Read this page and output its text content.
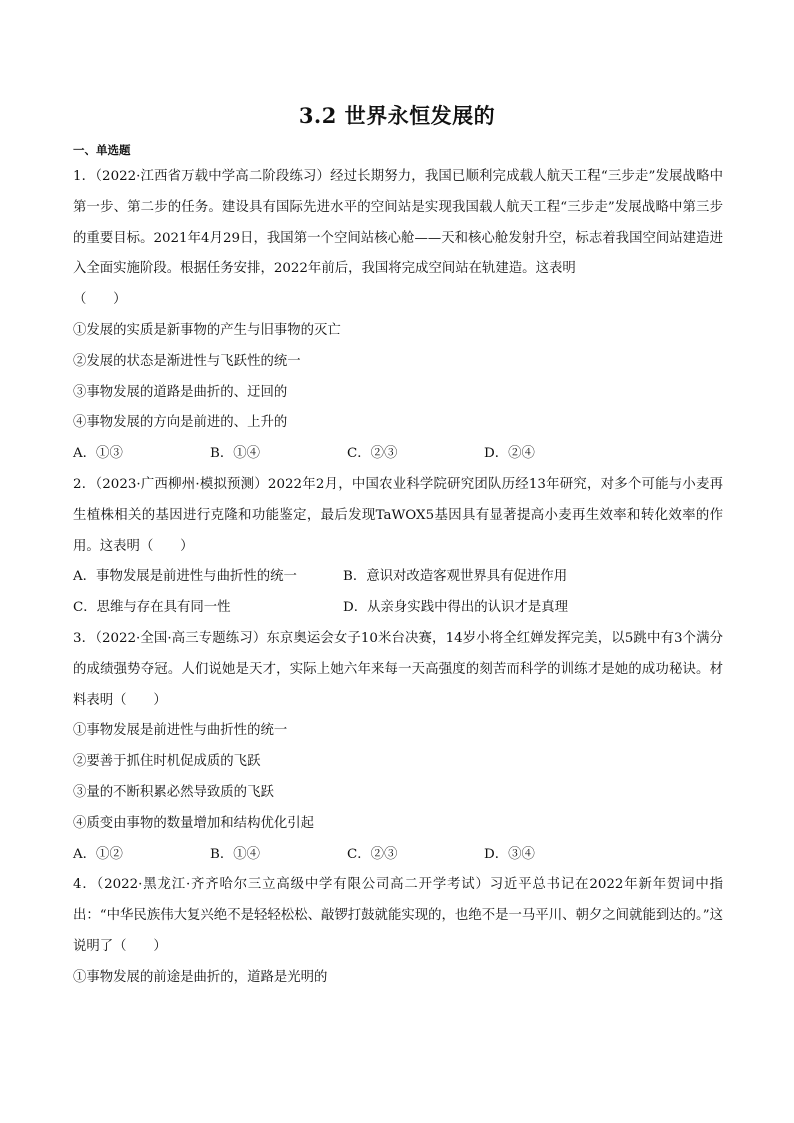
3.2 世界永恒发展的
一、单选题

1．（2022·江西省万载中学高二阶段练习）经过长期努力，我国已顺利完成载人航天工程“三步走”发展战略中第一步、第二步的任务。建设具有国际先进水平的空间站是实现我国载人航天工程“三步走”发展战略中第三步的重要目标。2021年4月29日，我国第一个空间站核心舱——天和核心舱发射升空，标志着我国空间站建造进入全面实施阶段。根据任务安排，2022年前后，我国将完成空间站在轨建造。这表明

（　　）

①发展的实质是新事物的产生与旧事物的灭亡

②发展的状态是渐进性与飞跃性的统一

③事物发展的道路是曲折的、迂回的

④事物发展的方向是前进的、上升的

A．①③	B．①④	C．②③	D．②④

2．（2023·广西柳州·模拟预测）2022年2月，中国农业科学院研究团队历经13年研究，对多个可能与小麦再生植株相关的基因进行克隆和功能鉴定，最后发现TaWOX5基因具有显著提高小麦再生效率和转化效率的作用。这表明（　　）

A．事物发展是前进性与曲折性的统一	B．意识对改造客观世界具有促进作用
C．思维与存在具有同一性	D．从亲身实践中得出的认识才是真理

3．（2022·全国·高三专题练习）东京奥运会女子10米台决赛，14岁小将全红婵发挥完美，以5跳中有3个满分的成绩强势夺冠。人们说她是天才，实际上她六年来每一天高强度的刻苦而科学的训练才是她的成功秘诀。材料表明（　　）

①事物发展是前进性与曲折性的统一

②要善于抓住时机促成质的飞跃

③量的不断积累必然导致质的飞跃

④质变由事物的数量增加和结构优化引起

A．①②	B．①④	C．②③	D．③④

4．（2022·黑龙江·齐齐哈尔三立高级中学有限公司高二开学考试）习近平总书记在2022年新年贺词中指出：“中华民族伟大复兴绝不是轻轻松松、敲锣打鼓就能实现的，也绝不是一马平川、朝夕之间就能到达的。”这说明了（　　）

①事物发展的前途是曲折的，道路是光明的
